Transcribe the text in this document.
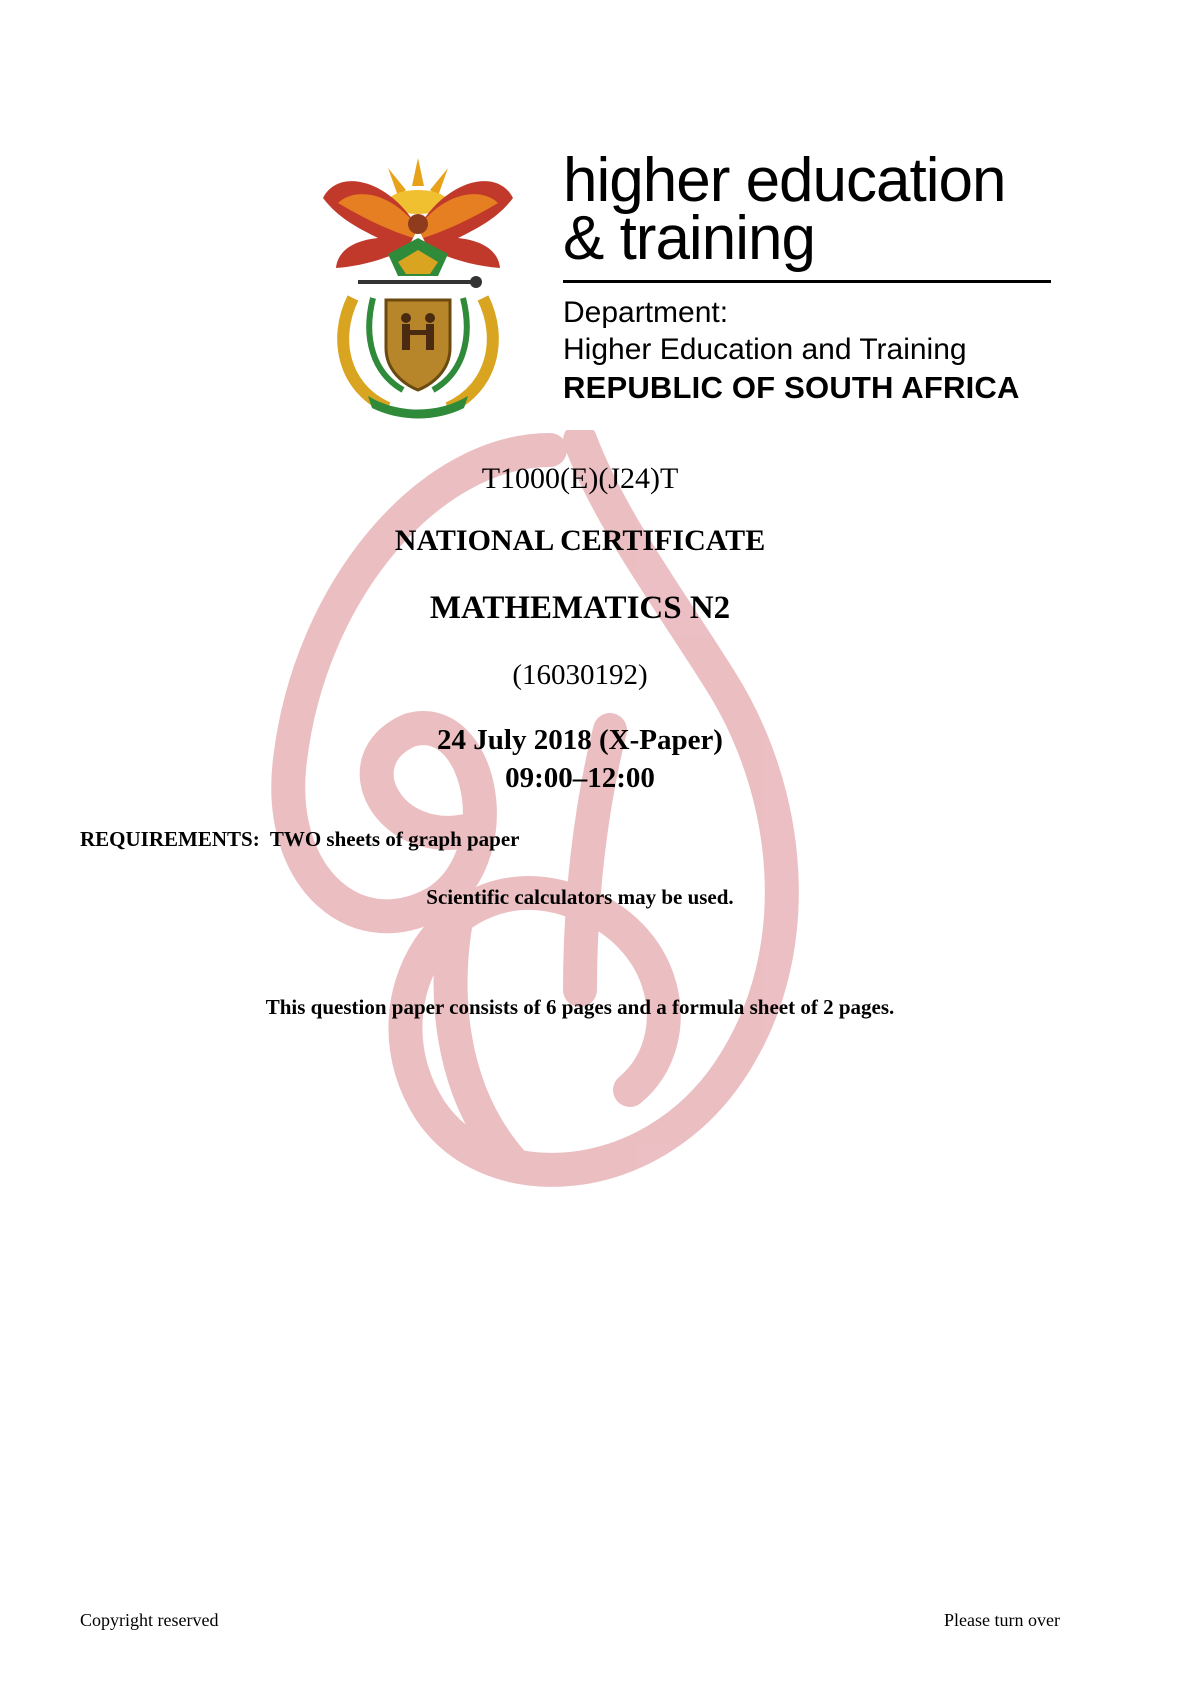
higher education
& training
Department:
Higher Education and Training
REPUBLIC OF SOUTH AFRICA
T1000(E)(J24)T
NATIONAL CERTIFICATE
MATHEMATICS N2
(16030192)
24 July 2018 (X-Paper)
09:00–12:00
REQUIREMENTS: TWO sheets of graph paper
Scientific calculators may be used.
This question paper consists of 6 pages and a formula sheet of 2 pages.
Copyright reserved	Please turn over
